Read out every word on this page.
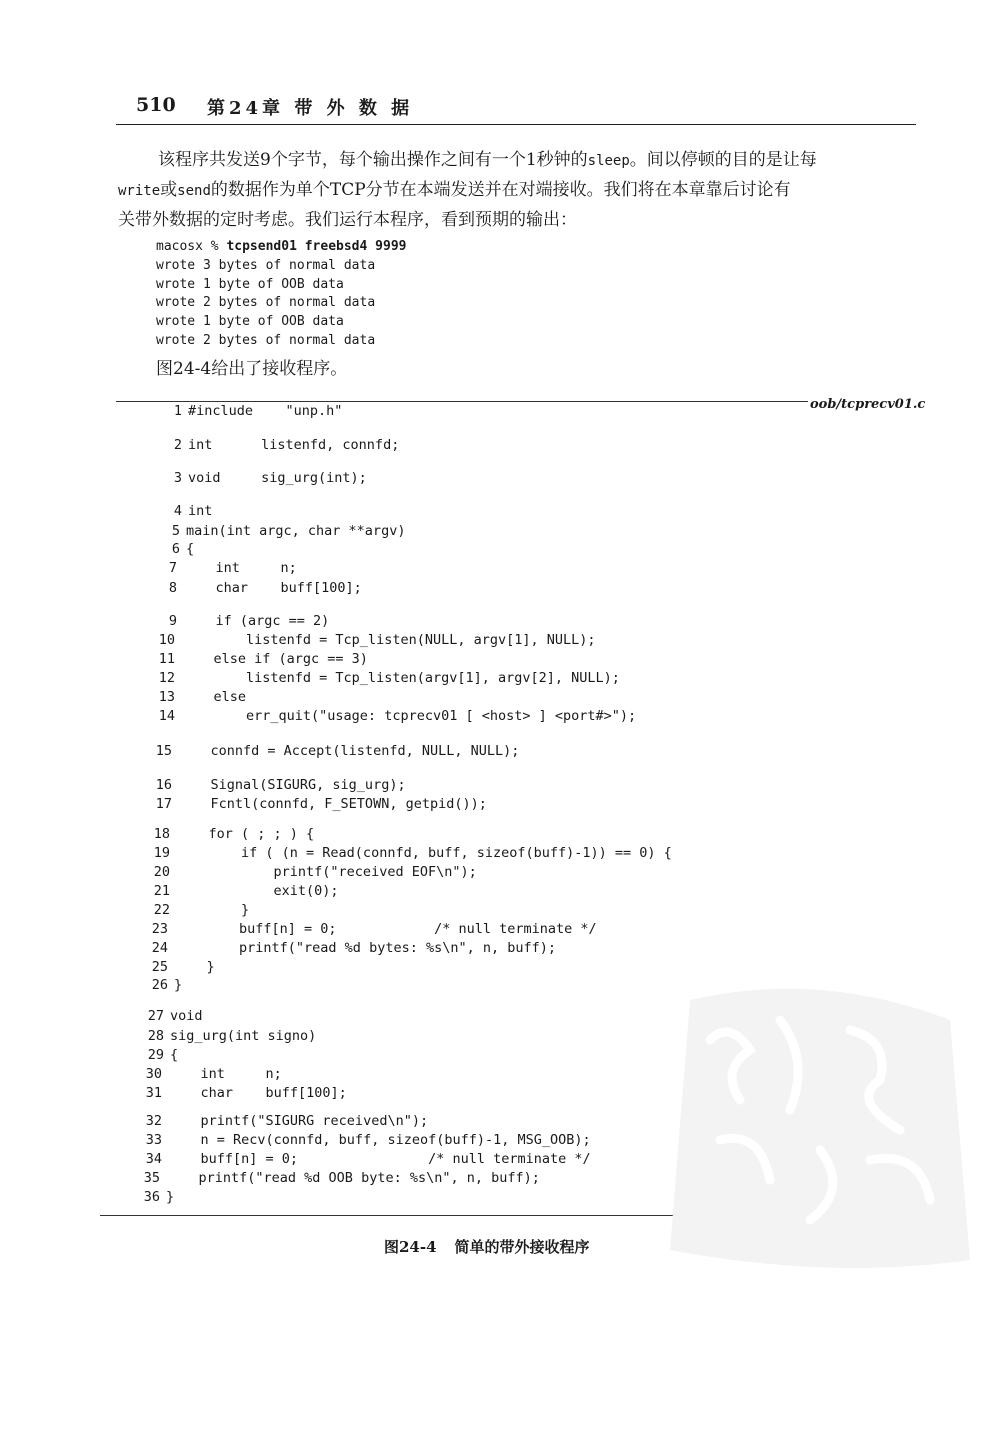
510 第24章 带 外 数 据
该程序共发送9个字节，每个输出操作之间有一个1秒钟的sleep。间以停顿的目的是让每
write或send的数据作为单个TCP分节在本端发送并在对端接收。我们将在本章靠后讨论有
关带外数据的定时考虑。我们运行本程序，看到预期的输出：
macosx % tcpsend01 freebsd4 9999
wrote 3 bytes of normal data
wrote 1 byte of OOB data
wrote 2 bytes of normal data
wrote 1 byte of OOB data
wrote 2 bytes of normal data
图24-4给出了接收程序。
oob/tcprecv01.c
1 #include    "unp.h"
2 int      listenfd, connfd;
3 void     sig_urg(int);
4 int
5 main(int argc, char **argv)
6 {
7    int     n;
8    char    buff[100];
9    if (argc == 2)
10        listenfd = Tcp_listen(NULL, argv[1], NULL);
11    else if (argc == 3)
12        listenfd = Tcp_listen(argv[1], argv[2], NULL);
13    else
14        err_quit("usage: tcprecv01 [ <host> ] <port#>");
15    connfd = Accept(listenfd, NULL, NULL);
16    Signal(SIGURG, sig_urg);
17    Fcntl(connfd, F_SETOWN, getpid());
18    for ( ; ; ) {
19        if ( (n = Read(connfd, buff, sizeof(buff)-1)) == 0) {
20            printf("received EOF\n");
21            exit(0);
22        }
23        buff[n] = 0;            /* null terminate */
24        printf("read %d bytes: %s\n", n, buff);
25    }
26 }
27 void
28 sig_urg(int signo)
29 {
30    int     n;
31    char    buff[100];
32    printf("SIGURG received\n");
33    n = Recv(connfd, buff, sizeof(buff)-1, MSG_OOB);
34    buff[n] = 0;                /* null terminate */
35    printf("read %d OOB byte: %s\n", n, buff);
36 }
图24-4 简单的带外接收程序
